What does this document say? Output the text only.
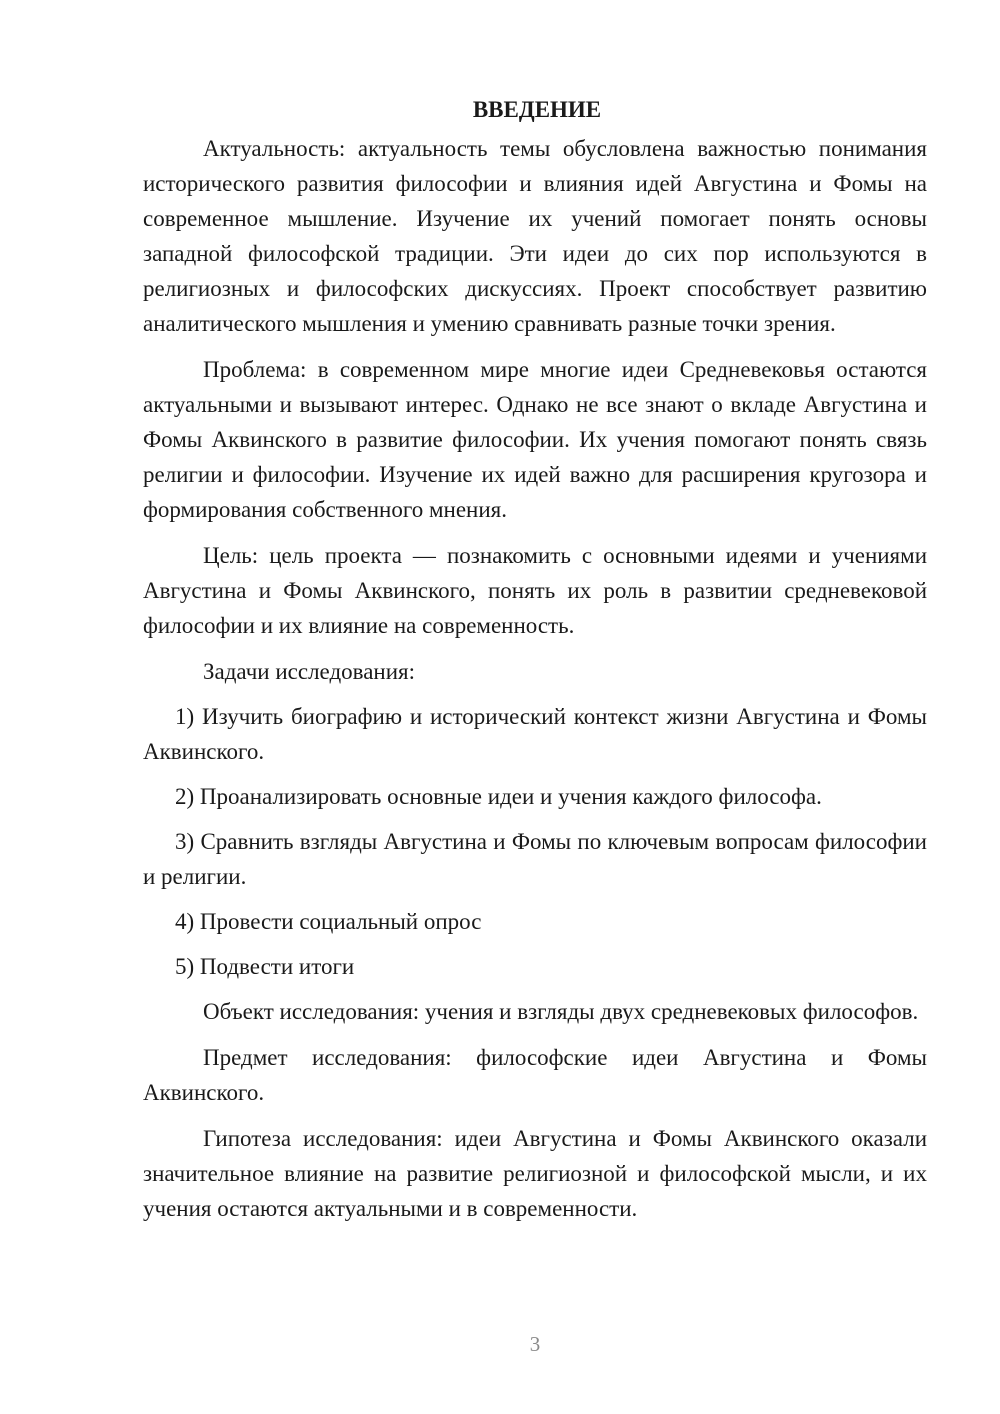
ВВЕДЕНИЕ

Актуальность: актуальность темы обусловлена важностью понимания исторического развития философии и влияния идей Августина и Фомы на современное мышление. Изучение их учений помогает понять основы западной философской традиции. Эти идеи до сих пор используются в религиозных и философских дискуссиях. Проект способствует развитию аналитического мышления и умению сравнивать разные точки зрения.

Проблема: в современном мире многие идеи Средневековья остаются актуальными и вызывают интерес. Однако не все знают о вкладе Августина и Фомы Аквинского в развитие философии. Их учения помогают понять связь религии и философии. Изучение их идей важно для расширения кругозора и формирования собственного мнения.

Цель: цель проекта — познакомить с основными идеями и учениями Августина и Фомы Аквинского, понять их роль в развитии средневековой философии и их влияние на современность.

Задачи исследования:

1) Изучить биографию и исторический контекст жизни Августина и Фомы Аквинского.

2) Проанализировать основные идеи и учения каждого философа.

3) Сравнить взгляды Августина и Фомы по ключевым вопросам философии и религии.

4) Провести социальный опрос

5) Подвести итоги

Объект исследования: учения и взгляды двух средневековых философов.

Предмет исследования: философские идеи Августина и Фомы Аквинского.

Гипотеза исследования: идеи Августина и Фомы Аквинского оказали значительное влияние на развитие религиозной и философской мысли, и их учения остаются актуальными и в современности.

3
